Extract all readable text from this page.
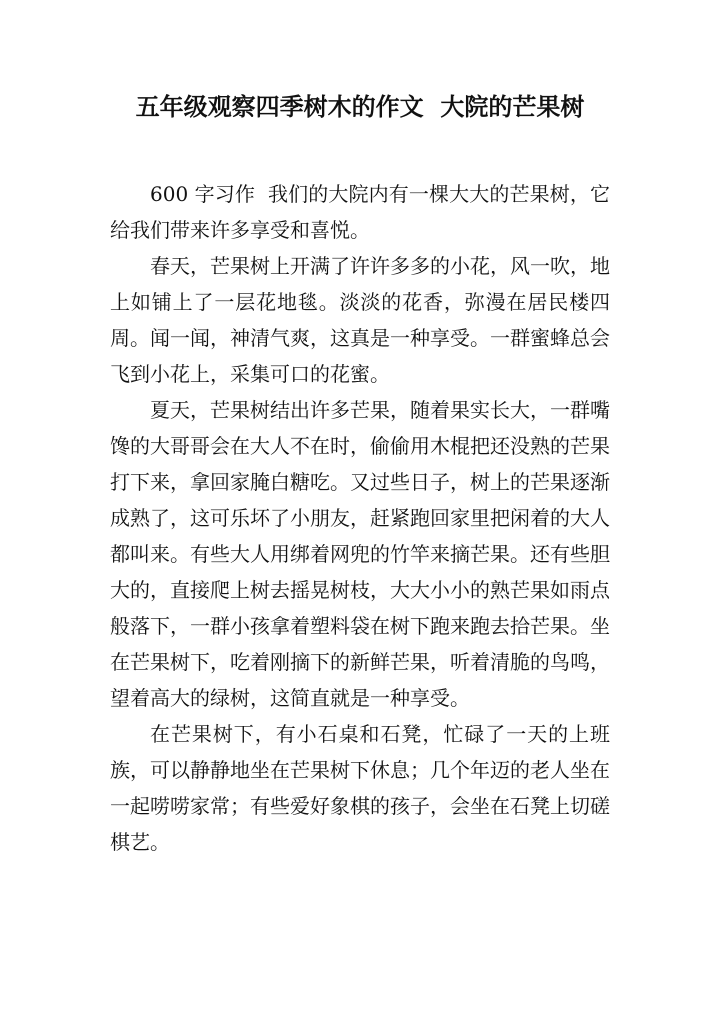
五年级观察四季树木的作文  大院的芒果树

600 字习作  我们的大院内有一棵大大的芒果树，它给我们带来许多享受和喜悦。

春天，芒果树上开满了许许多多的小花，风一吹，地上如铺上了一层花地毯。淡淡的花香，弥漫在居民楼四周。闻一闻，神清气爽，这真是一种享受。一群蜜蜂总会飞到小花上，采集可口的花蜜。

夏天，芒果树结出许多芒果，随着果实长大，一群嘴馋的大哥哥会在大人不在时，偷偷用木棍把还没熟的芒果打下来，拿回家腌白糖吃。又过些日子，树上的芒果逐渐成熟了，这可乐坏了小朋友，赶紧跑回家里把闲着的大人都叫来。有些大人用绑着网兜的竹竿来摘芒果。还有些胆大的，直接爬上树去摇晃树枝，大大小小的熟芒果如雨点般落下，一群小孩拿着塑料袋在树下跑来跑去拾芒果。坐在芒果树下，吃着刚摘下的新鲜芒果，听着清脆的鸟鸣，望着高大的绿树，这简直就是一种享受。

在芒果树下，有小石桌和石凳，忙碌了一天的上班族，可以静静地坐在芒果树下休息；几个年迈的老人坐在一起唠唠家常；有些爱好象棋的孩子，会坐在石凳上切磋棋艺。
